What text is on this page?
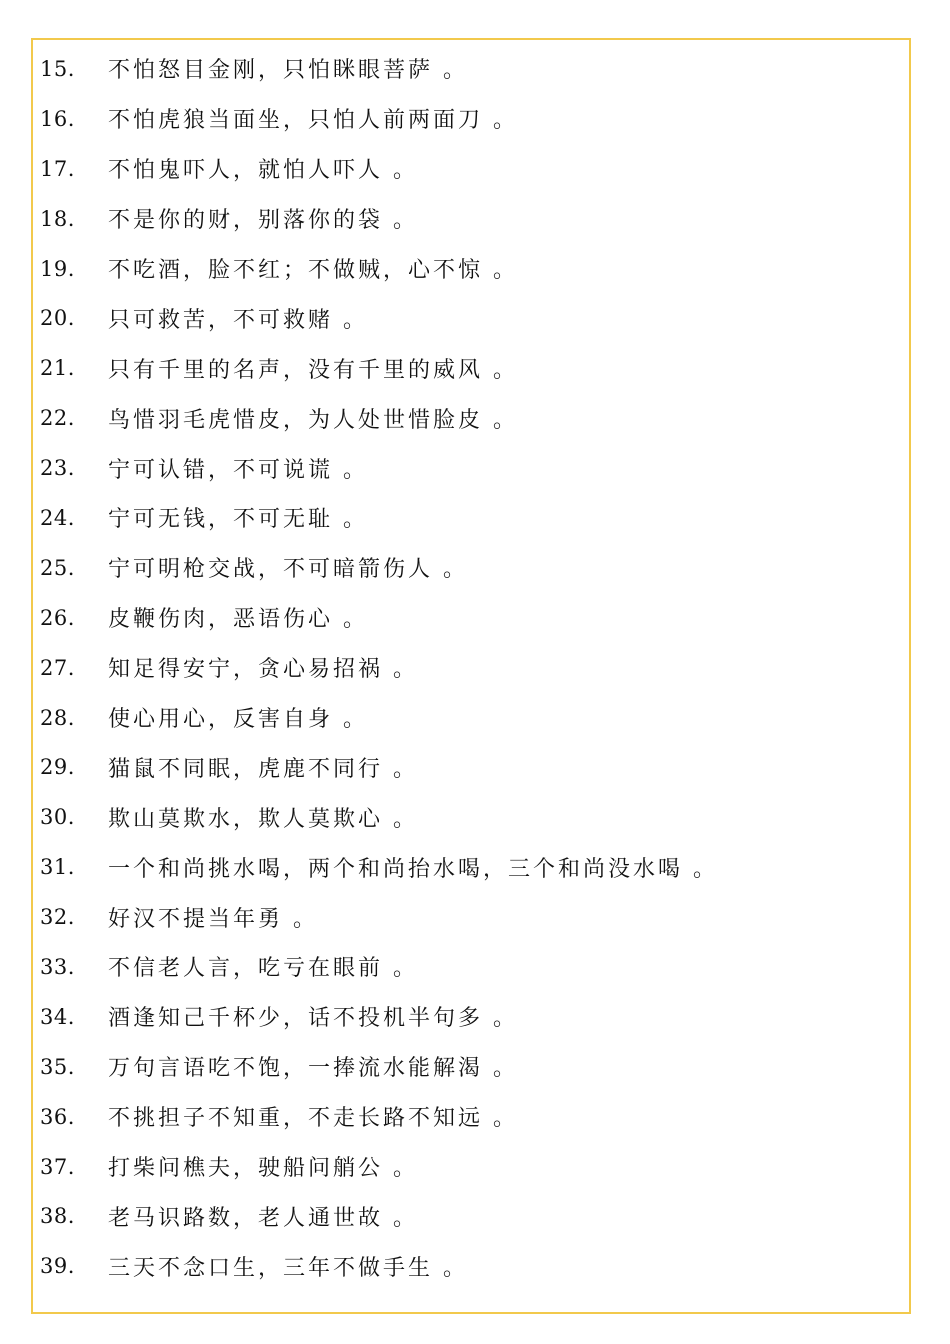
15.	不怕怒目金刚，只怕眯眼菩萨 。
16.	不怕虎狼当面坐，只怕人前两面刀 。
17.	不怕鬼吓人，就怕人吓人 。
18.	不是你的财，别落你的袋 。
19.	不吃酒，脸不红；不做贼，心不惊 。
20.	只可救苦，不可救赌 。
21.	只有千里的名声，没有千里的威风 。
22.	鸟惜羽毛虎惜皮，为人处世惜脸皮 。
23.	宁可认错，不可说谎 。
24.	宁可无钱，不可无耻 。
25.	宁可明枪交战，不可暗箭伤人 。
26.	皮鞭伤肉，恶语伤心 。
27.	知足得安宁，贪心易招祸 。
28.	使心用心，反害自身 。
29.	猫鼠不同眠，虎鹿不同行 。
30.	欺山莫欺水，欺人莫欺心 。
31.	一个和尚挑水喝，两个和尚抬水喝，三个和尚没水喝 。
32.	好汉不提当年勇 。
33.	不信老人言，吃亏在眼前 。
34.	酒逢知己千杯少，话不投机半句多 。
35.	万句言语吃不饱，一捧流水能解渴 。
36.	不挑担子不知重，不走长路不知远 。
37.	打柴问樵夫，驶船问艄公 。
38.	老马识路数，老人通世故 。
39.	三天不念口生，三年不做手生 。
